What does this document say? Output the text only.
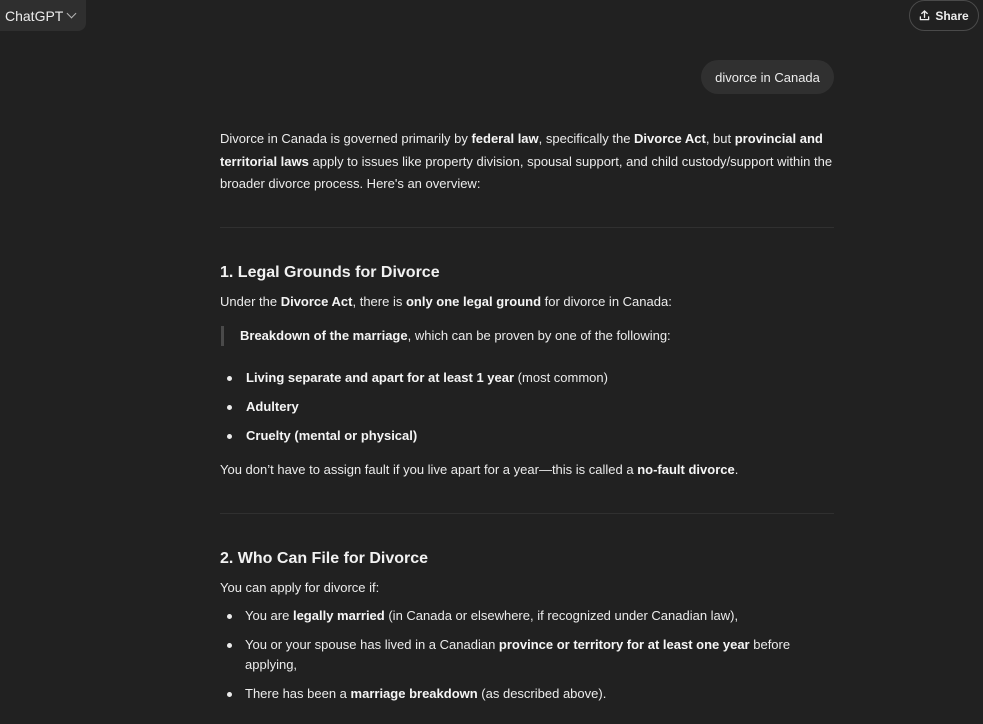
ChatGPT	Share
divorce in Canada

Divorce in Canada is governed primarily by federal law, specifically the Divorce Act, but provincial and territorial laws apply to issues like property division, spousal support, and child custody/support within the broader divorce process. Here's an overview:

1. Legal Grounds for Divorce

Under the Divorce Act, there is only one legal ground for divorce in Canada:

Breakdown of the marriage, which can be proven by one of the following:
Living separate and apart for at least 1 year (most common)
Adultery
Cruelty (mental or physical)

You don’t have to assign fault if you live apart for a year—this is called a no-fault divorce.

2. Who Can File for Divorce

You can apply for divorce if:

You are legally married (in Canada or elsewhere, if recognized under Canadian law),
You or your spouse has lived in a Canadian province or territory for at least one year before applying,
There has been a marriage breakdown (as described above).
